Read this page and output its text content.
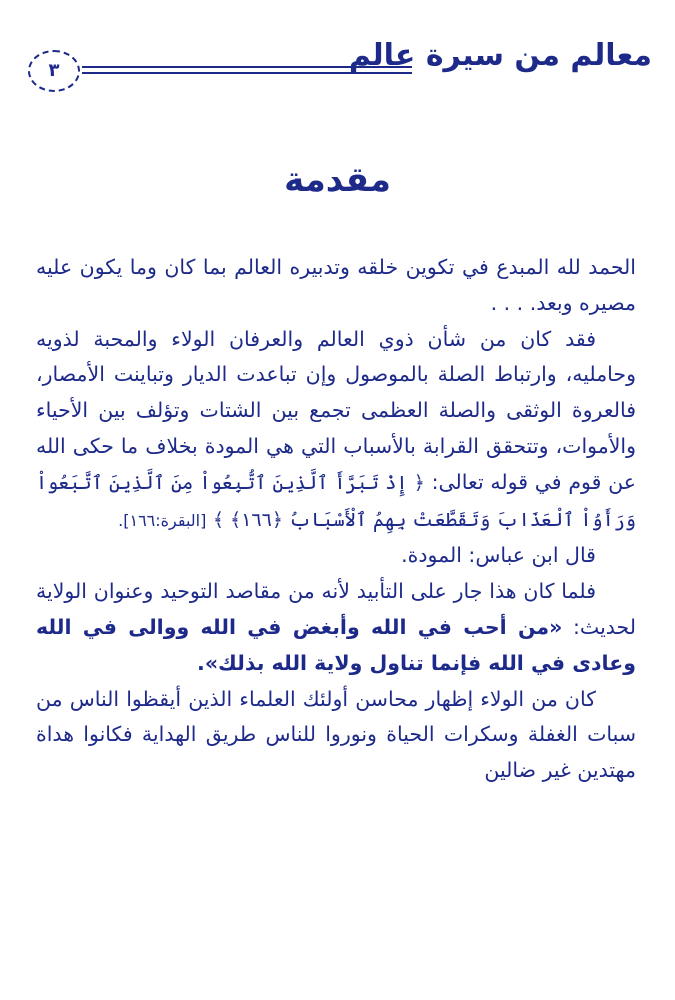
معالم من سيرة عالم
٣
مقدمة

الحمد لله المبدع في تكوين خلقه وتدبيره العالم بما كان وما يكون عليه مصيره وبعد. . . .

فقد كان من شأن ذوي العالم والعرفان الولاء والمحبة لذويه وحامليه، وارتباط الصلة بالموصول وإن تباعدت الديار وتباينت الأمصار، فالعروة الوثقى والصلة العظمى تجمع بين الشتات وتؤلف بين الأحياء والأموات، وتتحقق القرابة بالأسباب التي هي المودة بخلاف ما حكى الله عن قوم في قوله تعالى: ﴿ إِذْ تَبَرَّأَ ٱلَّذِينَ ٱتُّبِعُواْ مِنَ ٱلَّذِينَ ٱتَّبَعُواْ وَرَأَوُاْ ٱلْعَذَابَ وَتَقَطَّعَتْ بِهِمُ ٱلْأَسْبَابُ ﴿١٦٦﴾ ﴾ [البقرة:١٦٦].

قال ابن عباس: المودة.

فلما كان هذا جار على التأبيد لأنه من مقاصد التوحيد وعنوان الولاية لحديث: «من أحب في الله وأبغض في الله ووالى في الله وعادى في الله فإنما تناول ولاية الله بذلك».

كان من الولاء إظهار محاسن أولئك العلماء الذين أيقظوا الناس من سبات الغفلة وسكرات الحياة ونوروا للناس طريق الهداية فكانوا هداة مهتدين غير ضالين
